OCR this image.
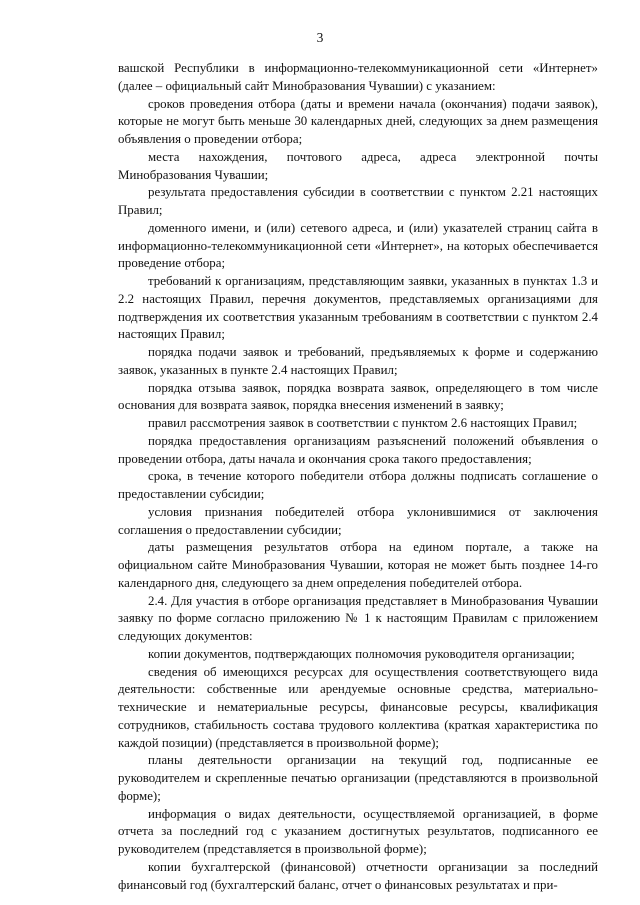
3

вашской Республики в информационно-телекоммуникационной сети «Интернет» (далее – официальный сайт Минобразования Чувашии) с указанием:

сроков проведения отбора (даты и времени начала (окончания) подачи заявок), которые не могут быть меньше 30 календарных дней, следующих за днем размещения объявления о проведении отбора;

места нахождения, почтового адреса, адреса электронной почты Минобразования Чувашии;

результата предоставления субсидии в соответствии с пунктом 2.21 настоящих Правил;

доменного имени, и (или) сетевого адреса, и (или) указателей страниц сайта в информационно-телекоммуникационной сети «Интернет», на которых обеспечивается проведение отбора;

требований к организациям, представляющим заявки, указанных в пунктах 1.3 и 2.2 настоящих Правил, перечня документов, представляемых организациями для подтверждения их соответствия указанным требованиям в соответствии с пунктом 2.4 настоящих Правил;

порядка подачи заявок и требований, предъявляемых к форме и содержанию заявок, указанных в пункте 2.4 настоящих Правил;

порядка отзыва заявок, порядка возврата заявок, определяющего в том числе основания для возврата заявок, порядка внесения изменений в заявку;

правил рассмотрения заявок в соответствии с пунктом 2.6 настоящих Правил;

порядка предоставления организациям разъяснений положений объявления о проведении отбора, даты начала и окончания срока такого предоставления;

срока, в течение которого победители отбора должны подписать соглашение о предоставлении субсидии;

условия признания победителей отбора уклонившимися от заключения соглашения о предоставлении субсидии;

даты размещения результатов отбора на едином портале, а также на официальном сайте Минобразования Чувашии, которая не может быть позднее 14-го календарного дня, следующего за днем определения победителей отбора.

2.4. Для участия в отборе организация представляет в Минобразования Чувашии заявку по форме согласно приложению № 1 к настоящим Правилам с приложением следующих документов:

копии документов, подтверждающих полномочия руководителя организации;

сведения об имеющихся ресурсах для осуществления соответствующего вида деятельности: собственные или арендуемые основные средства, материально-технические и нематериальные ресурсы, финансовые ресурсы, квалификация сотрудников, стабильность состава трудового коллектива (краткая характеристика по каждой позиции) (представляется в произвольной форме);

планы деятельности организации на текущий год, подписанные ее руководителем и скрепленные печатью организации (представляются в произвольной форме);

информация о видах деятельности, осуществляемой организацией, в форме отчета за последний год с указанием достигнутых результатов, подписанного ее руководителем (представляется в произвольной форме);

копии бухгалтерской (финансовой) отчетности организации за последний финансовый год (бухгалтерский баланс, отчет о финансовых результатах и при-
